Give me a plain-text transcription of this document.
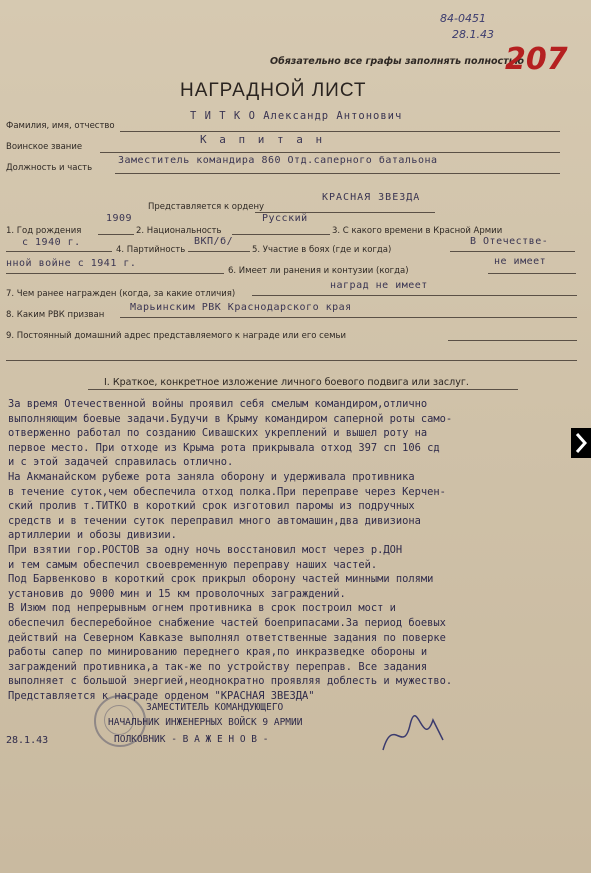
84-0451
28.1.43
Обязательно все графы заполнять полностью
207
НАГРАДНОЙ ЛИСТ
Фамилия, имя, отчество
Т И Т К О Александр Антонович
Воинское звание
К а п и т а н
Должность и часть
Заместитель командира 860 Отд.саперного батальона
Представляется к ордену
КРАСНАЯ ЗВЕЗДА
1. Год рождения
1909
2. Национальность
Русский
3. С какого времени в Красной Армии
с 1940 г.
4. Партийность
ВКП/б/
5. Участие в боях (где и когда)
В Отечестве-
нной войне с 1941 г.
6. Имеет ли ранения и контузии (когда)
не имеет
7. Чем ранее награжден (когда, за какие отличия)
наград не имеет
8. Каким РВК призван
Марьинским РВК Краснодарского края
9. Постоянный домашний адрес представляемого к награде или его семьи
I. Краткое, конкретное изложение личного боевого подвига или заслуг.
За время Отечественной войны проявил себя смелым командиром,отлично
выполняющим боевые задачи.Будучи в Крыму командиром саперной роты само-
отверженно работал по созданию Сивашских укреплений и вышел роту на
первое место. При отходе из Крыма рота прикрывала отход 397 сп 106 сд
и с этой задачей справилась отлично.
На Акманайском рубеже рота заняла оборону и удерживала противника
в течение суток,чем обеспечила отход полка.При переправе через Керчен-
ский пролив т.ТИТКО в короткий срок изготовил паромы из подручных
средств и в течении суток переправил много автомашин,два дивизиона
артиллерии и обозы дивизии.
При взятии гор.РОСТОВ за одну ночь восстановил мост через р.ДОН
и тем самым обеспечил своевременную переправу наших частей.
Под Барвенково в короткий срок прикрыл оборону частей минными полями
установив до 9000 мин и 15 км проволочных заграждений.
В Изюм под непрерывным огнем противника в срок построил мост и
обеспечил бесперебойное снабжение частей боеприпасами.За период боевых
действий на Северном Кавказе выполнял ответственные задания по поверке
работы сапер по минированию переднего края,по инкразведке обороны и
заграждений противника,а так-же по устройству переправ. Все задания
выполняет с большой энергией,неоднократно проявляя доблесть и мужество.
Представляется к награде орденом "КРАСНАЯ ЗВЕЗДА"
28.1.43
ЗАМЕСТИТЕЛЬ КОМАНДУЮЩЕГО
НАЧАЛЬНИК ИНЖЕНЕРНЫХ ВОЙСК 9 АРМИИ
ПОЛКОВНИК - В А Ж Е Н О В -
